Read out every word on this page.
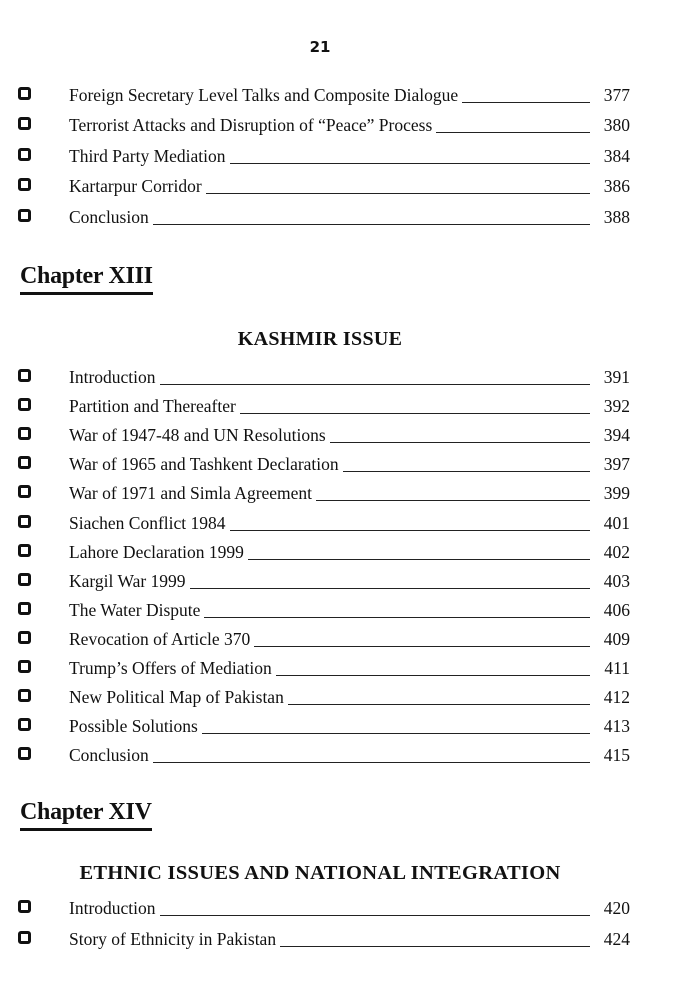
21
Foreign Secretary Level Talks and Composite Dialogue	377
Terrorist Attacks and Disruption of “Peace” Process	380
Third Party Mediation	384
Kartarpur Corridor	386
Conclusion	388
Chapter XIII
KASHMIR ISSUE
Introduction	391
Partition and Thereafter	392
War of 1947-48 and UN Resolutions	394
War of 1965 and Tashkent Declaration	397
War of 1971 and Simla Agreement	399
Siachen Conflict 1984	401
Lahore Declaration 1999	402
Kargil War 1999	403
The Water Dispute	406
Revocation of Article 370	409
Trump’s Offers of Mediation	411
New Political Map of Pakistan	412
Possible Solutions	413
Conclusion	415
Chapter XIV
ETHNIC ISSUES AND NATIONAL INTEGRATION
Introduction	420
Story of Ethnicity in Pakistan	424
